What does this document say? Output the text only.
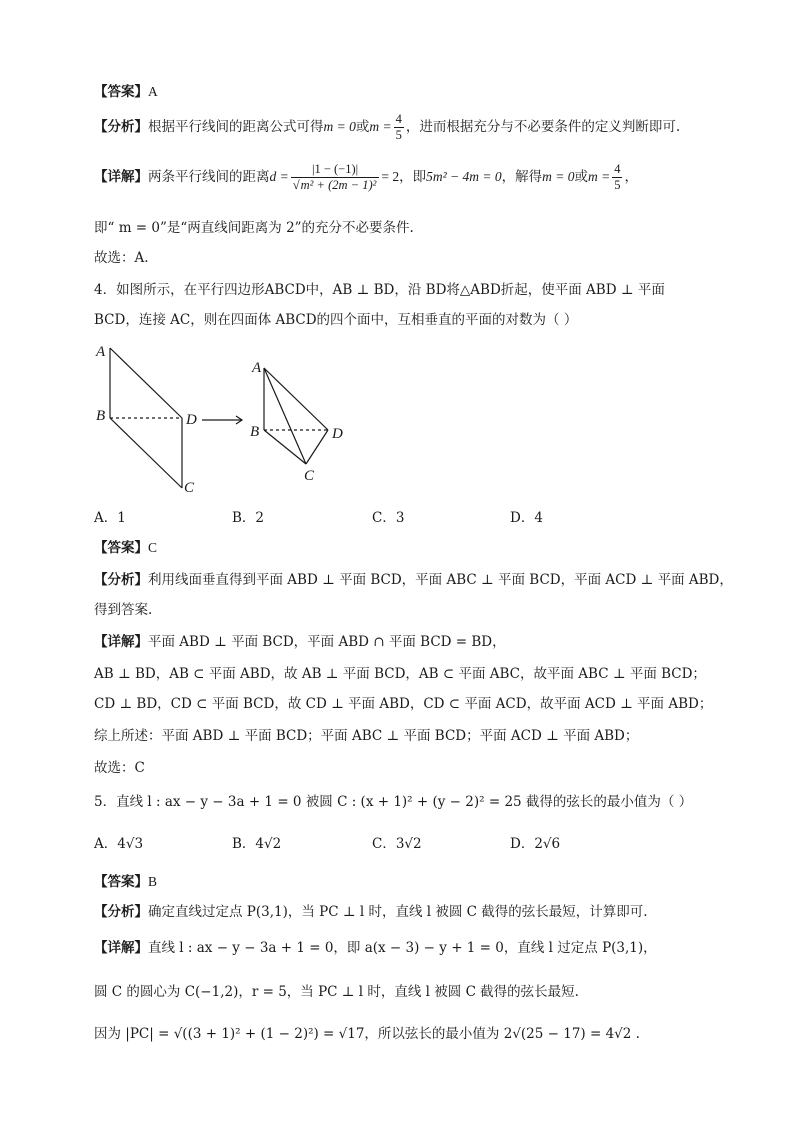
【答案】A
【分析】根据平行线间的距离公式可得m = 0或$m = \frac{4}{5}$ ，进而根据充分与不必要条件的定义判断即可.
【详解】两条平行线间的距离$d = \frac{|1 - (-1)|}{\text{√m² + (2m − 1)²}} = 2$，即5m² − 4m = 0，解得m = 0或$m = \frac{4}{5}$ ，
即“ m = 0”是“两直线间距离为 2”的充分不必要条件.
故选：A.
4．如图所示，在平行四边形ABCD中，AB ⊥ BD，沿 BD将△ABD折起，使平面 ABD ⊥ 平面
BCD，连接 AC，则在四面体 ABCD的四个面中，互相垂直的平面的对数为（ ）
A
B	D
C
A
B	D
C
A．1	B．2	C．3	D．4
【答案】C
【分析】利用线面垂直得到平面 ABD ⊥ 平面 BCD，平面 ABC ⊥ 平面 BCD，平面 ACD ⊥ 平面 ABD，
得到答案.
【详解】平面 ABD ⊥ 平面 BCD，平面 ABD ∩ 平面 BCD = BD，
AB ⊥ BD，AB ⊂ 平面 ABD，故 AB ⊥ 平面 BCD，AB ⊂ 平面 ABC，故平面 ABC ⊥ 平面 BCD；
CD ⊥ BD，CD ⊂ 平面 BCD，故 CD ⊥ 平面 ABD，CD ⊂ 平面 ACD，故平面 ACD ⊥ 平面 ABD；
综上所述：平面 ABD ⊥ 平面 BCD；平面 ABC ⊥ 平面 BCD；平面 ACD ⊥ 平面 ABD；
故选：C
5．直线 l : ax − y − 3a + 1 = 0 被圆 C : (x + 1)² + (y − 2)² = 25 截得的弦长的最小值为（ ）
A．4√3	B．4√2	C．3√2	D．2√6
【答案】B
【分析】确定直线过定点 P(3,1)，当 PC ⊥ l 时，直线 l 被圆 C 截得的弦长最短，计算即可.
【详解】直线 l : ax − y − 3a + 1 = 0，即 a(x − 3) − y + 1 = 0，直线 l 过定点 P(3,1)，
圆 C 的圆心为 C(−1,2)，r = 5，当 PC ⊥ l 时，直线 l 被圆 C 截得的弦长最短.
因为 |PC| = √((3 + 1)² + (1 − 2)²) = √17，所以弦长的最小值为 2√(25 − 17) = 4√2 .
